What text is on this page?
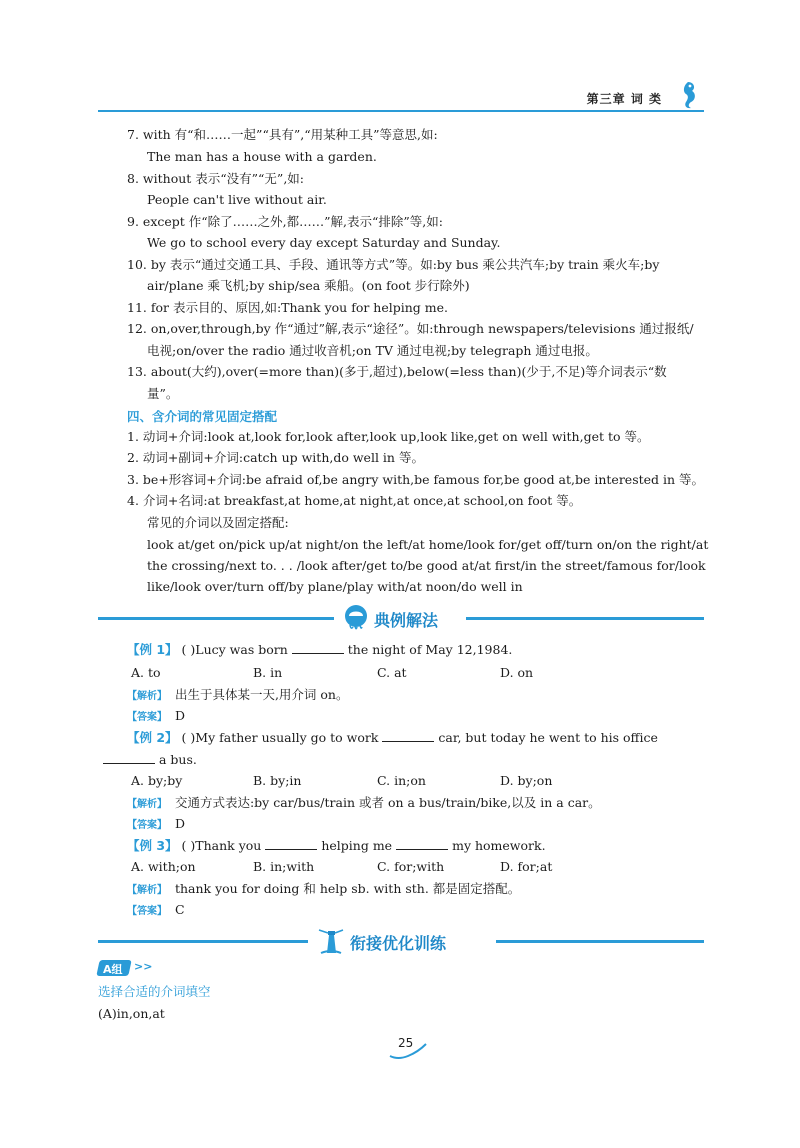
第三章 词 类
7. with 有“和……一起”“具有”,“用某种工具”等意思,如:
The man has a house with a garden.
8. without 表示“没有”“无”,如:
People can't live without air.
9. except 作“除了……之外,都……”解,表示“排除”等,如:
We go to school every day except Saturday and Sunday.
10. by 表示“通过交通工具、手段、通讯等方式”等。如:by bus 乘公共汽车;by train 乘火车;by
air/plane 乘飞机;by ship/sea 乘船。(on foot 步行除外)
11. for 表示目的、原因,如:Thank you for helping me.
12. on,over,through,by 作“通过”解,表示“途径”。如:through newspapers/televisions 通过报纸/
电视;on/over the radio 通过收音机;on TV 通过电视;by telegraph 通过电报。
13. about(大约),over(=more than)(多于,超过),below(=less than)(少于,不足)等介词表示“数
量”。
四、含介词的常见固定搭配
1. 动词+介词:look at,look for,look after,look up,look like,get on well with,get to 等。
2. 动词+副词+介词:catch up with,do well in 等。
3. be+形容词+介词:be afraid of,be angry with,be famous for,be good at,be interested in 等。
4. 介词+名词:at breakfast,at home,at night,at once,at school,on foot 等。
常见的介词以及固定搭配:
look at/get on/pick up/at night/on the left/at home/look for/get off/turn on/on the right/at
the crossing/next to. . . /look after/get to/be good at/at first/in the street/famous for/look
like/look over/turn off/by plane/play with/at noon/do well in
典例解法
【例 1】 ( )Lucy was born	the night of May 12,1984.
A. to	B. in	C. at	D. on
【解析】 出生于具体某一天,用介词 on。
【答案】 D
【例 2】 ( )My father usually go to work	car, but today he went to his office
a bus.
A. by;by	B. by;in	C. in;on	D. by;on
【解析】 交通方式表达:by car/bus/train 或者 on a bus/train/bike,以及 in a car。
【答案】 D
【例 3】 ( )Thank you	helping me	my homework.
A. with;on	B. in;with	C. for;with	D. for;at
【解析】 thank you for doing 和 help sb. with sth. 都是固定搭配。
【答案】 C
衔接优化训练
A组 >>
选择合适的介词填空
(A)in,on,at
25
